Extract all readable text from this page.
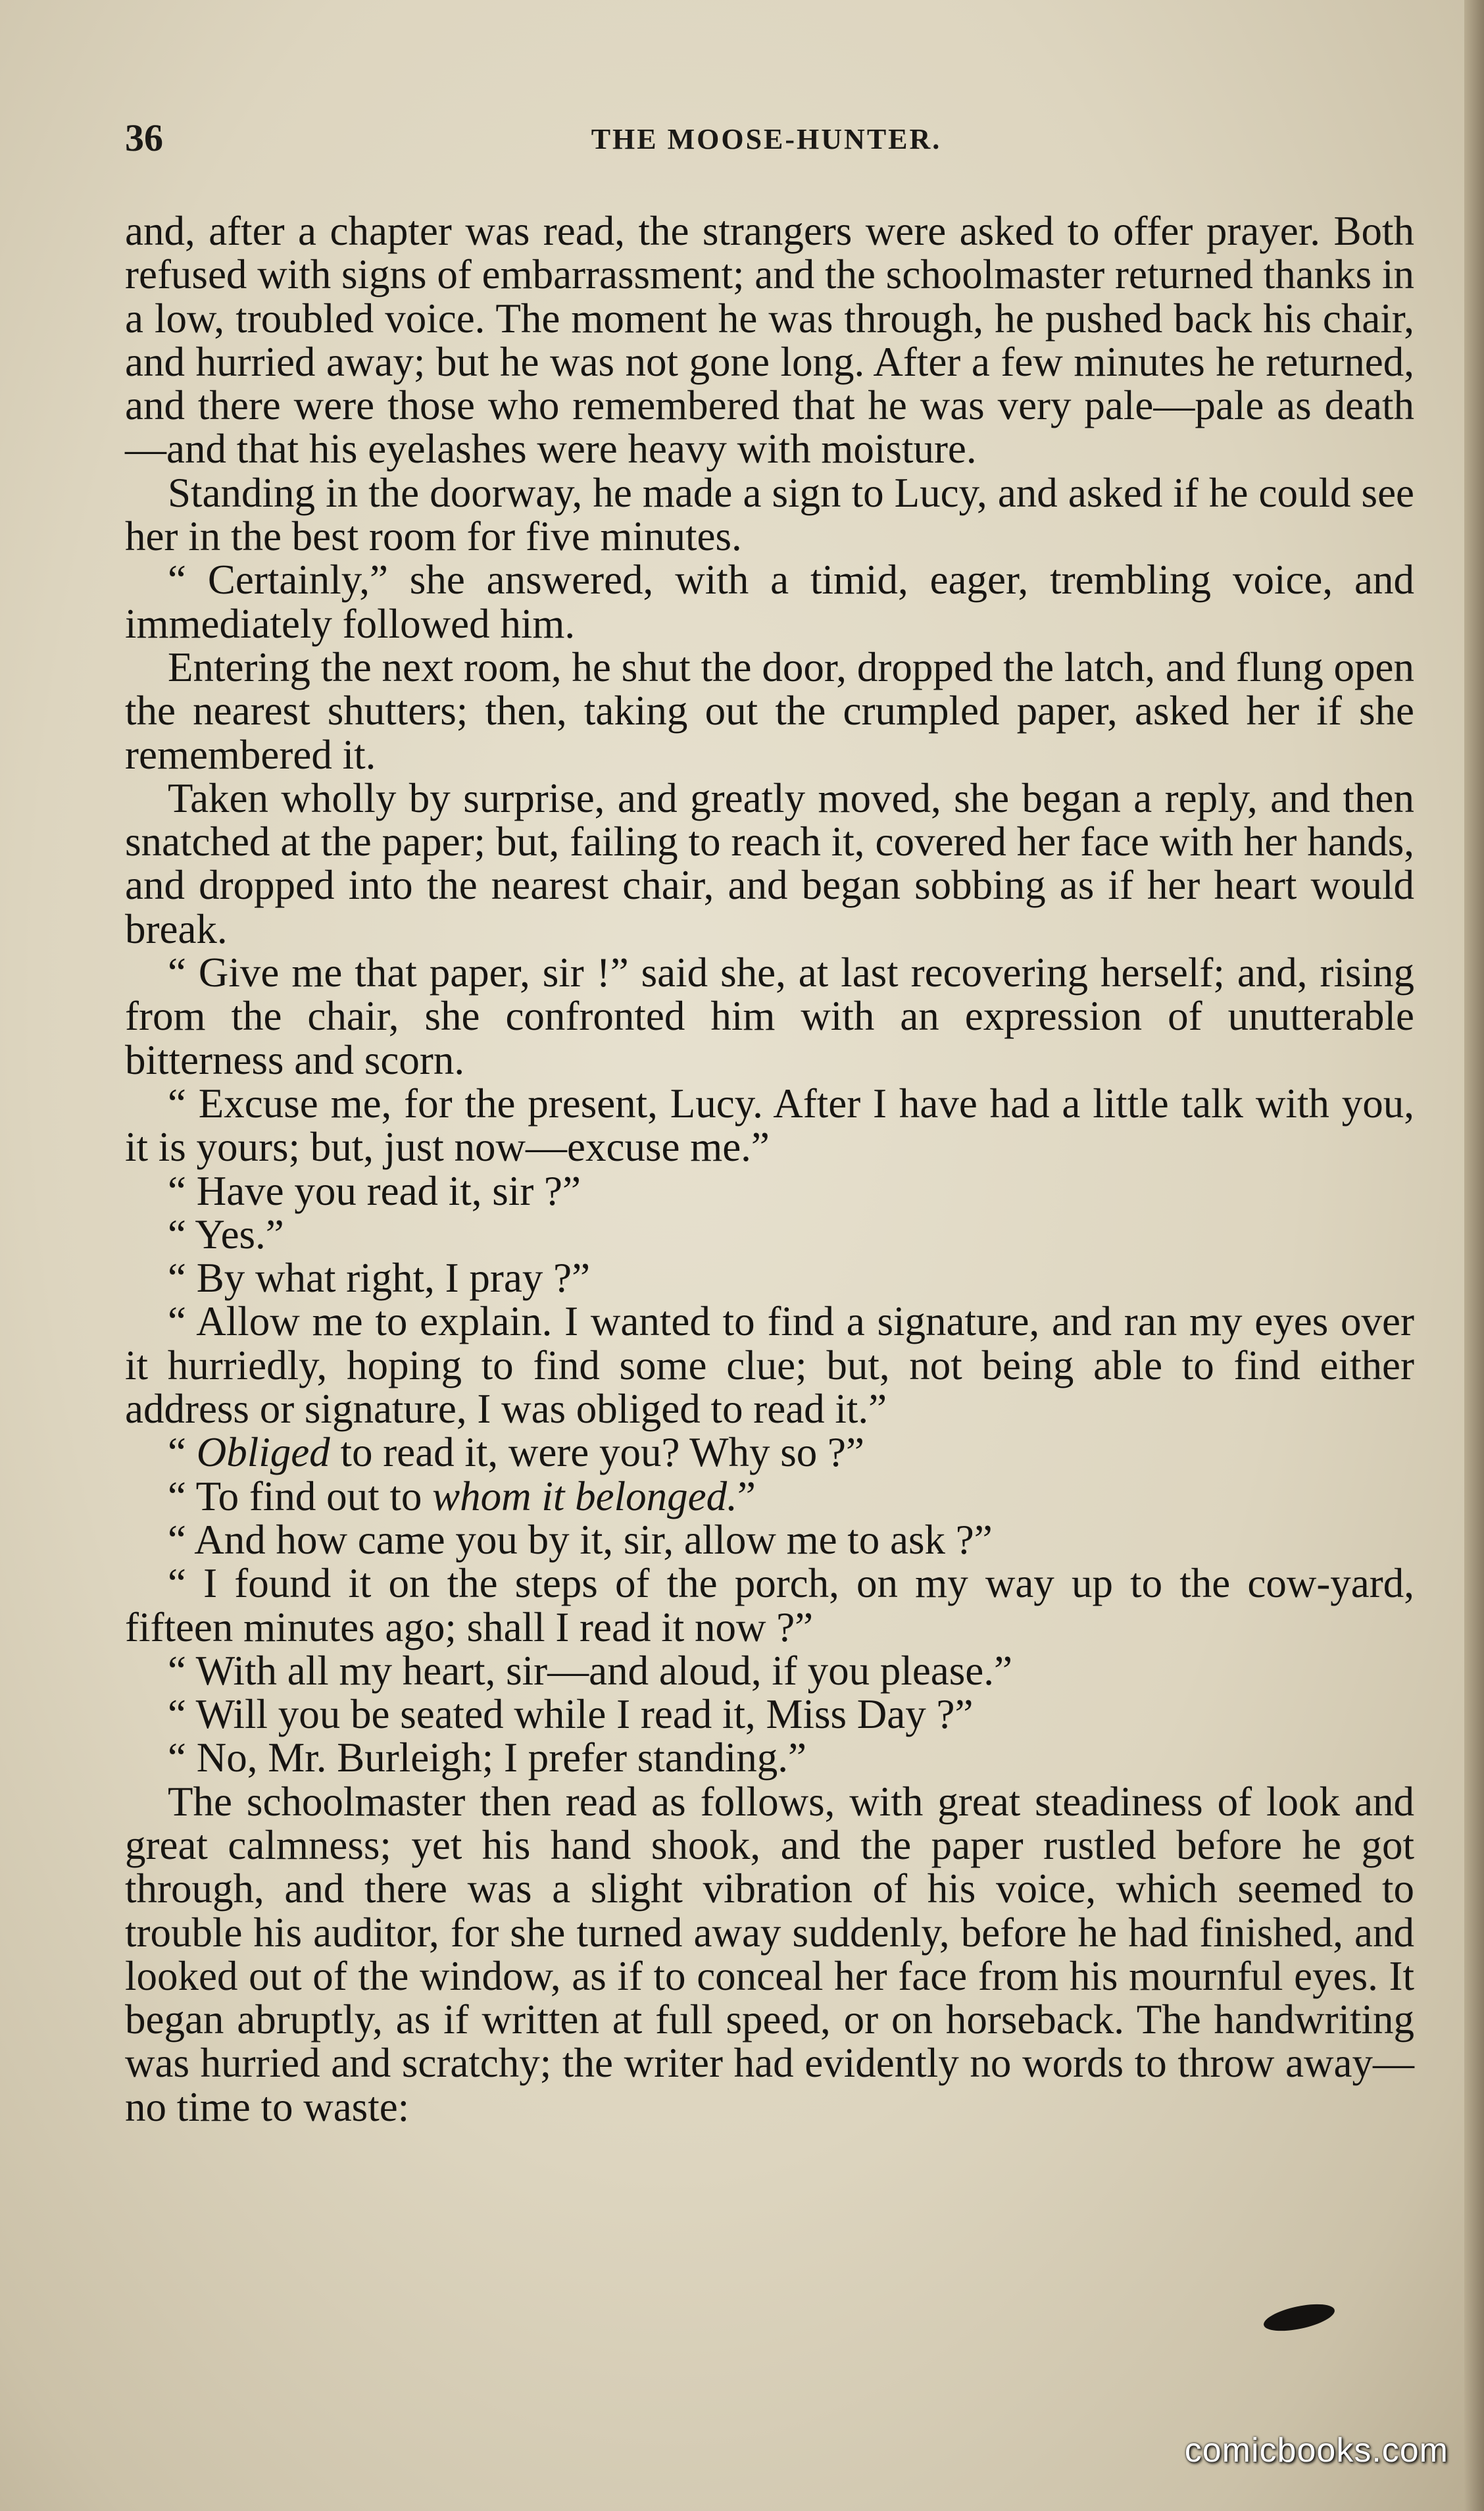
36	THE MOOSE-HUNTER.

and, after a chapter was read, the strangers were asked to offer prayer. Both refused with signs of embarrassment; and the schoolmaster returned thanks in a low, troubled voice. The moment he was through, he pushed back his chair, and hurried away; but he was not gone long. After a few minutes he returned, and there were those who remembered that he was very pale—pale as death—and that his eyelashes were heavy with moisture.

Standing in the doorway, he made a sign to Lucy, and asked if he could see her in the best room for five minutes.

“ Certainly,” she answered, with a timid, eager, trembling voice, and immediately followed him.

Entering the next room, he shut the door, dropped the latch, and flung open the nearest shutters; then, taking out the crumpled paper, asked her if she remembered it.

Taken wholly by surprise, and greatly moved, she began a reply, and then snatched at the paper; but, failing to reach it, covered her face with her hands, and dropped into the nearest chair, and began sobbing as if her heart would break.

“ Give me that paper, sir !” said she, at last recovering herself; and, rising from the chair, she confronted him with an expression of unutterable bitterness and scorn.

“ Excuse me, for the present, Lucy. After I have had a little talk with you, it is yours; but, just now—excuse me.”

“ Have you read it, sir ?”

“ Yes.”

“ By what right, I pray ?”

“ Allow me to explain. I wanted to find a signature, and ran my eyes over it hurriedly, hoping to find some clue; but, not being able to find either address or signature, I was obliged to read it.”

“ Obliged to read it, were you? Why so ?”

“ To find out to whom it belonged.”

“ And how came you by it, sir, allow me to ask ?”

“ I found it on the steps of the porch, on my way up to the cow-yard, fifteen minutes ago; shall I read it now ?”

“ With all my heart, sir—and aloud, if you please.”

“ Will you be seated while I read it, Miss Day ?”

“ No, Mr. Burleigh; I prefer standing.”

The schoolmaster then read as follows, with great steadiness of look and great calmness; yet his hand shook, and the paper rustled before he got through, and there was a slight vibration of his voice, which seemed to trouble his auditor, for she turned away suddenly, before he had finished, and looked out of the window, as if to conceal her face from his mournful eyes. It began abruptly, as if written at full speed, or on horseback. The handwriting was hurried and scratchy; the writer had evidently no words to throw away—no time to waste:

comicbooks.com
